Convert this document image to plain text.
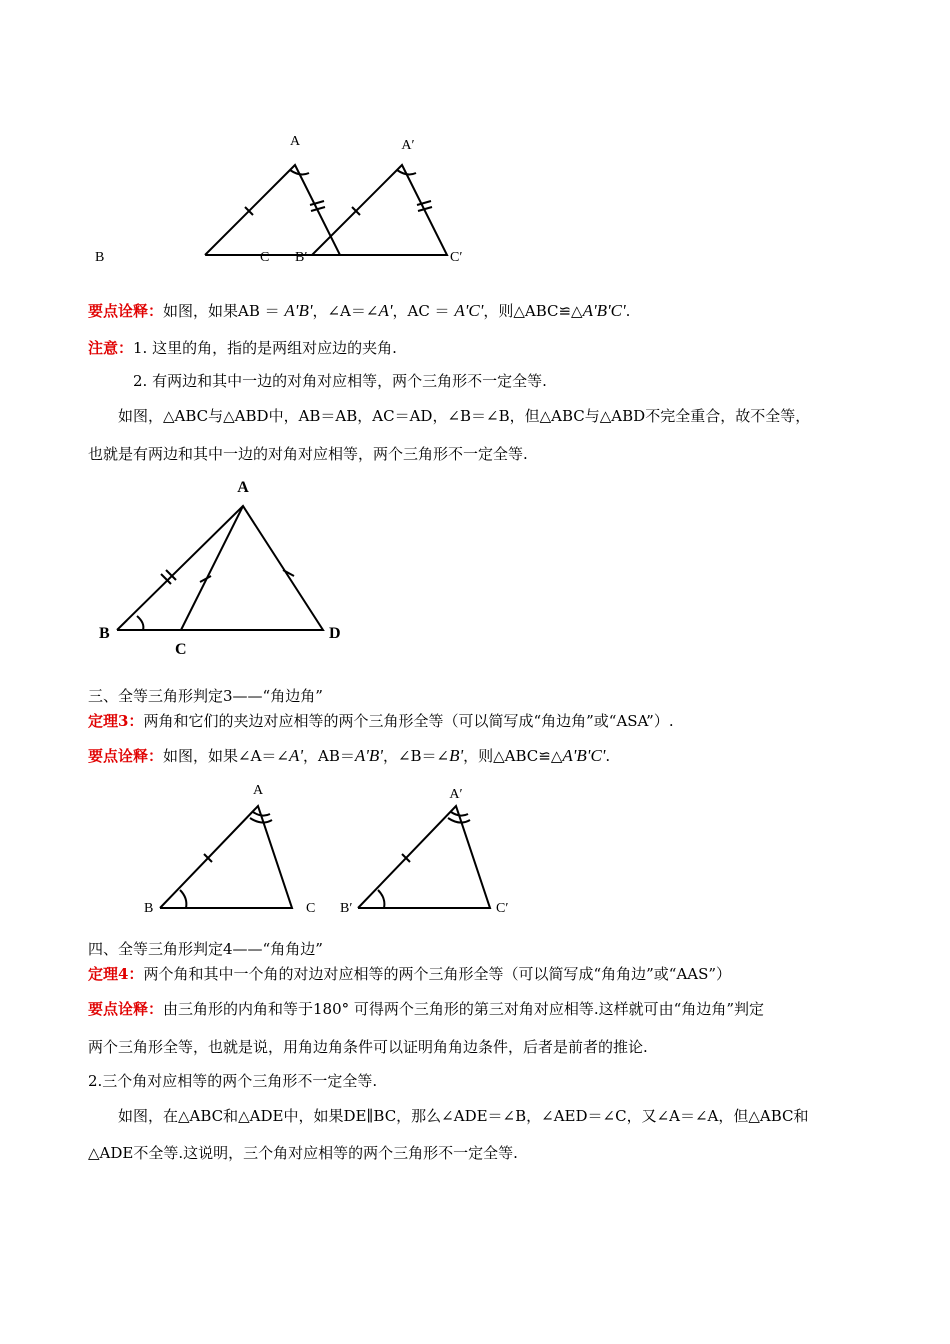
A
B	C
A′
B′	C′
要点诠释：如图，如果AB ＝ A'B'，∠A＝∠A'，AC ＝ A'C'，则△ABC≌△A'B'C'.
注意：1. 这里的角，指的是两组对应边的夹角.
2. 有两边和其中一边的对角对应相等，两个三角形不一定全等.
如图，△ABC与△ABD中，AB＝AB，AC＝AD，∠B＝∠B，但△ABC与△ABD不完全重合，故不全等，
也就是有两边和其中一边的对角对应相等，两个三角形不一定全等.
A
B
C
D
三、全等三角形判定3——“角边角”
定理3：两角和它们的夹边对应相等的两个三角形全等（可以简写成“角边角”或“ASA”）.
要点诠释：如图，如果∠A＝∠A'，AB＝A'B'，∠B＝∠B'，则△ABC≌△A'B'C'.
A
B	C
A′
B′	C′
四、全等三角形判定4——“角角边”
定理4：两个角和其中一个角的对边对应相等的两个三角形全等（可以简写成“角角边”或“AAS”）
要点诠释：由三角形的内角和等于180° 可得两个三角形的第三对角对应相等.这样就可由“角边角”判定
两个三角形全等，也就是说，用角边角条件可以证明角角边条件，后者是前者的推论.
2.三个角对应相等的两个三角形不一定全等.
如图，在△ABC和△ADE中，如果DE∥BC，那么∠ADE＝∠B，∠AED＝∠C，又∠A＝∠A，但△ABC和
△ADE不全等.这说明，三个角对应相等的两个三角形不一定全等.
